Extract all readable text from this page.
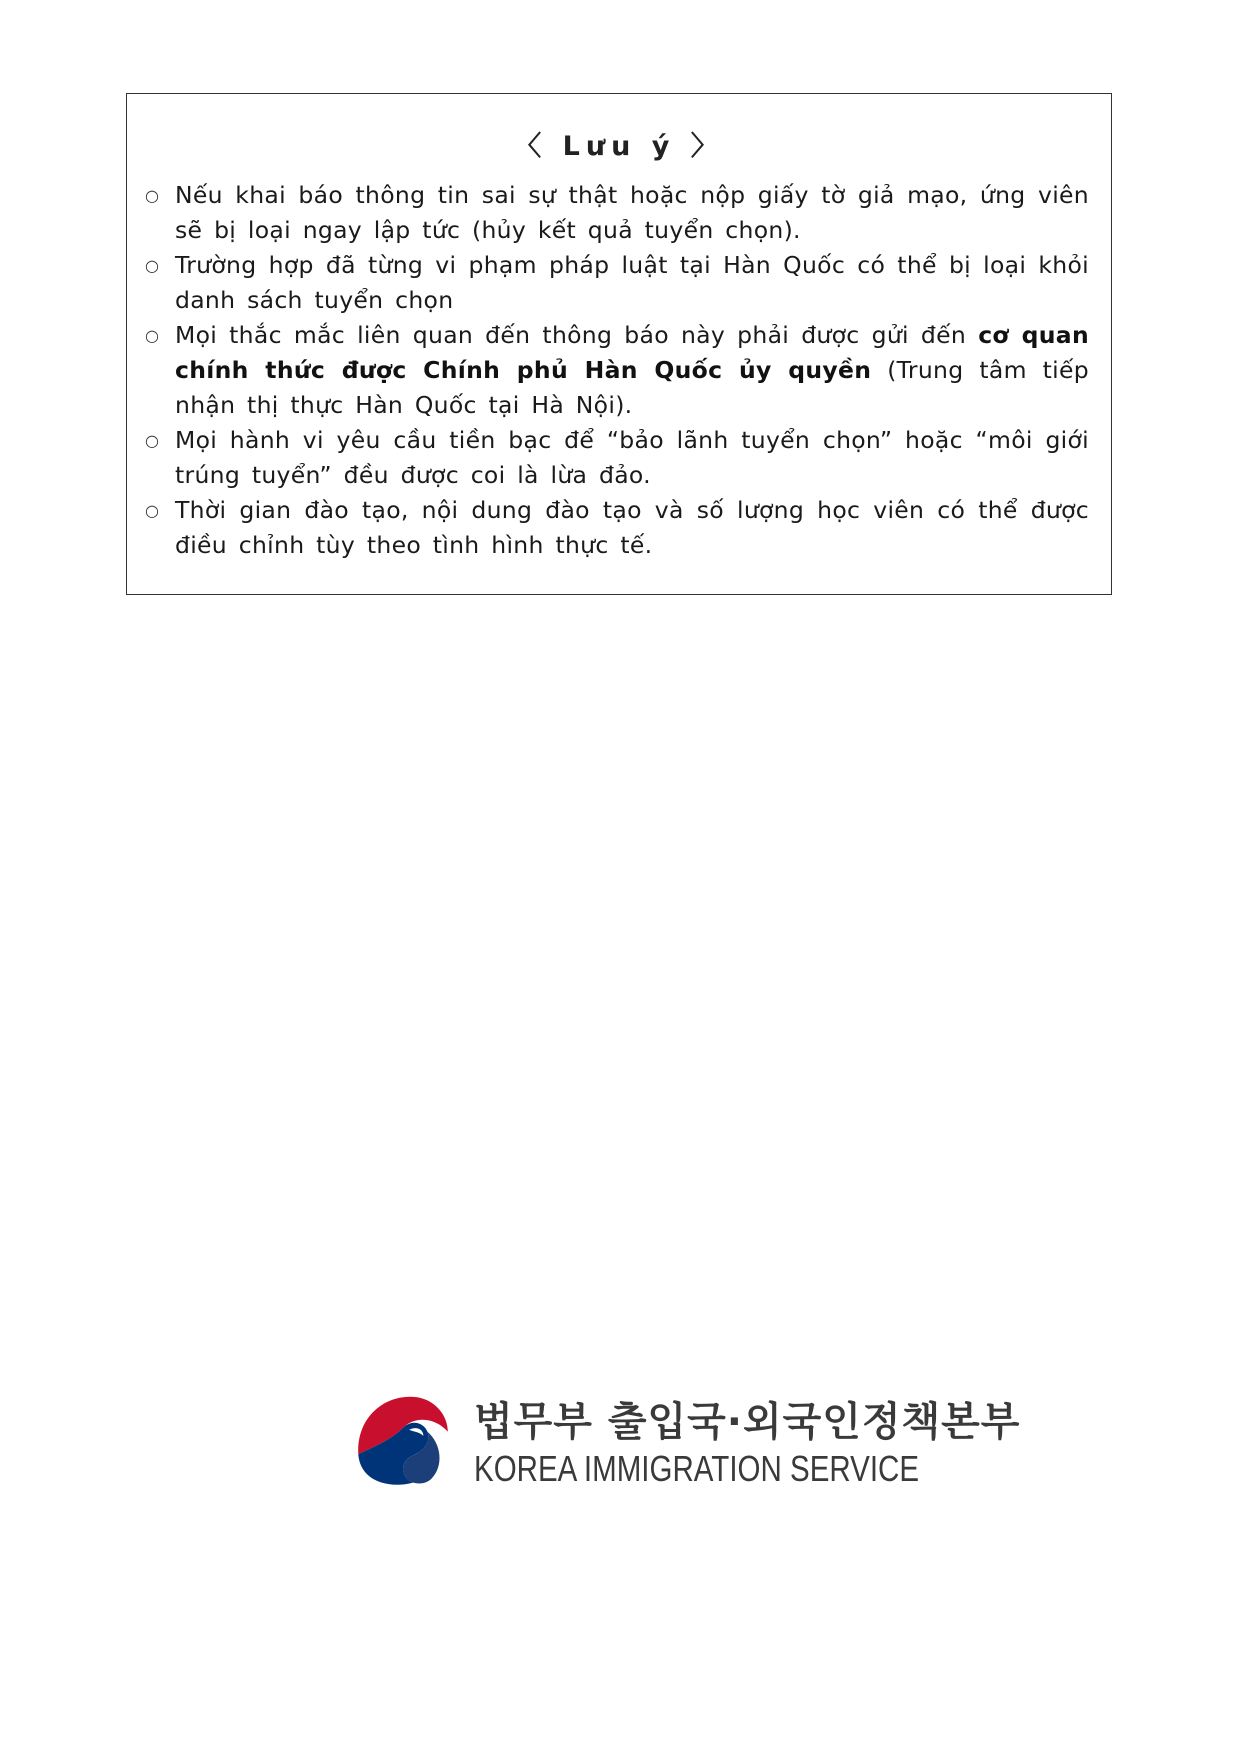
〈 Lưu ý 〉
○ Nếu khai báo thông tin sai sự thật hoặc nộp giấy tờ giả mạo, ứng viên sẽ bị loại ngay lập tức (hủy kết quả tuyển chọn).
○ Trường hợp đã từng vi phạm pháp luật tại Hàn Quốc có thể bị loại khỏi danh sách tuyển chọn
○ Mọi thắc mắc liên quan đến thông báo này phải được gửi đến cơ quan chính thức được Chính phủ Hàn Quốc ủy quyền (Trung tâm tiếp nhận thị thực Hàn Quốc tại Hà Nội).
○ Mọi hành vi yêu cầu tiền bạc để “bảo lãnh tuyển chọn” hoặc “môi giới trúng tuyển” đều được coi là lừa đảo.
○ Thời gian đào tạo, nội dung đào tạo và số lượng học viên có thể được điều chỉnh tùy theo tình hình thực tế.
법무부 출입국·외국인정책본부
KOREA IMMIGRATION SERVICE
